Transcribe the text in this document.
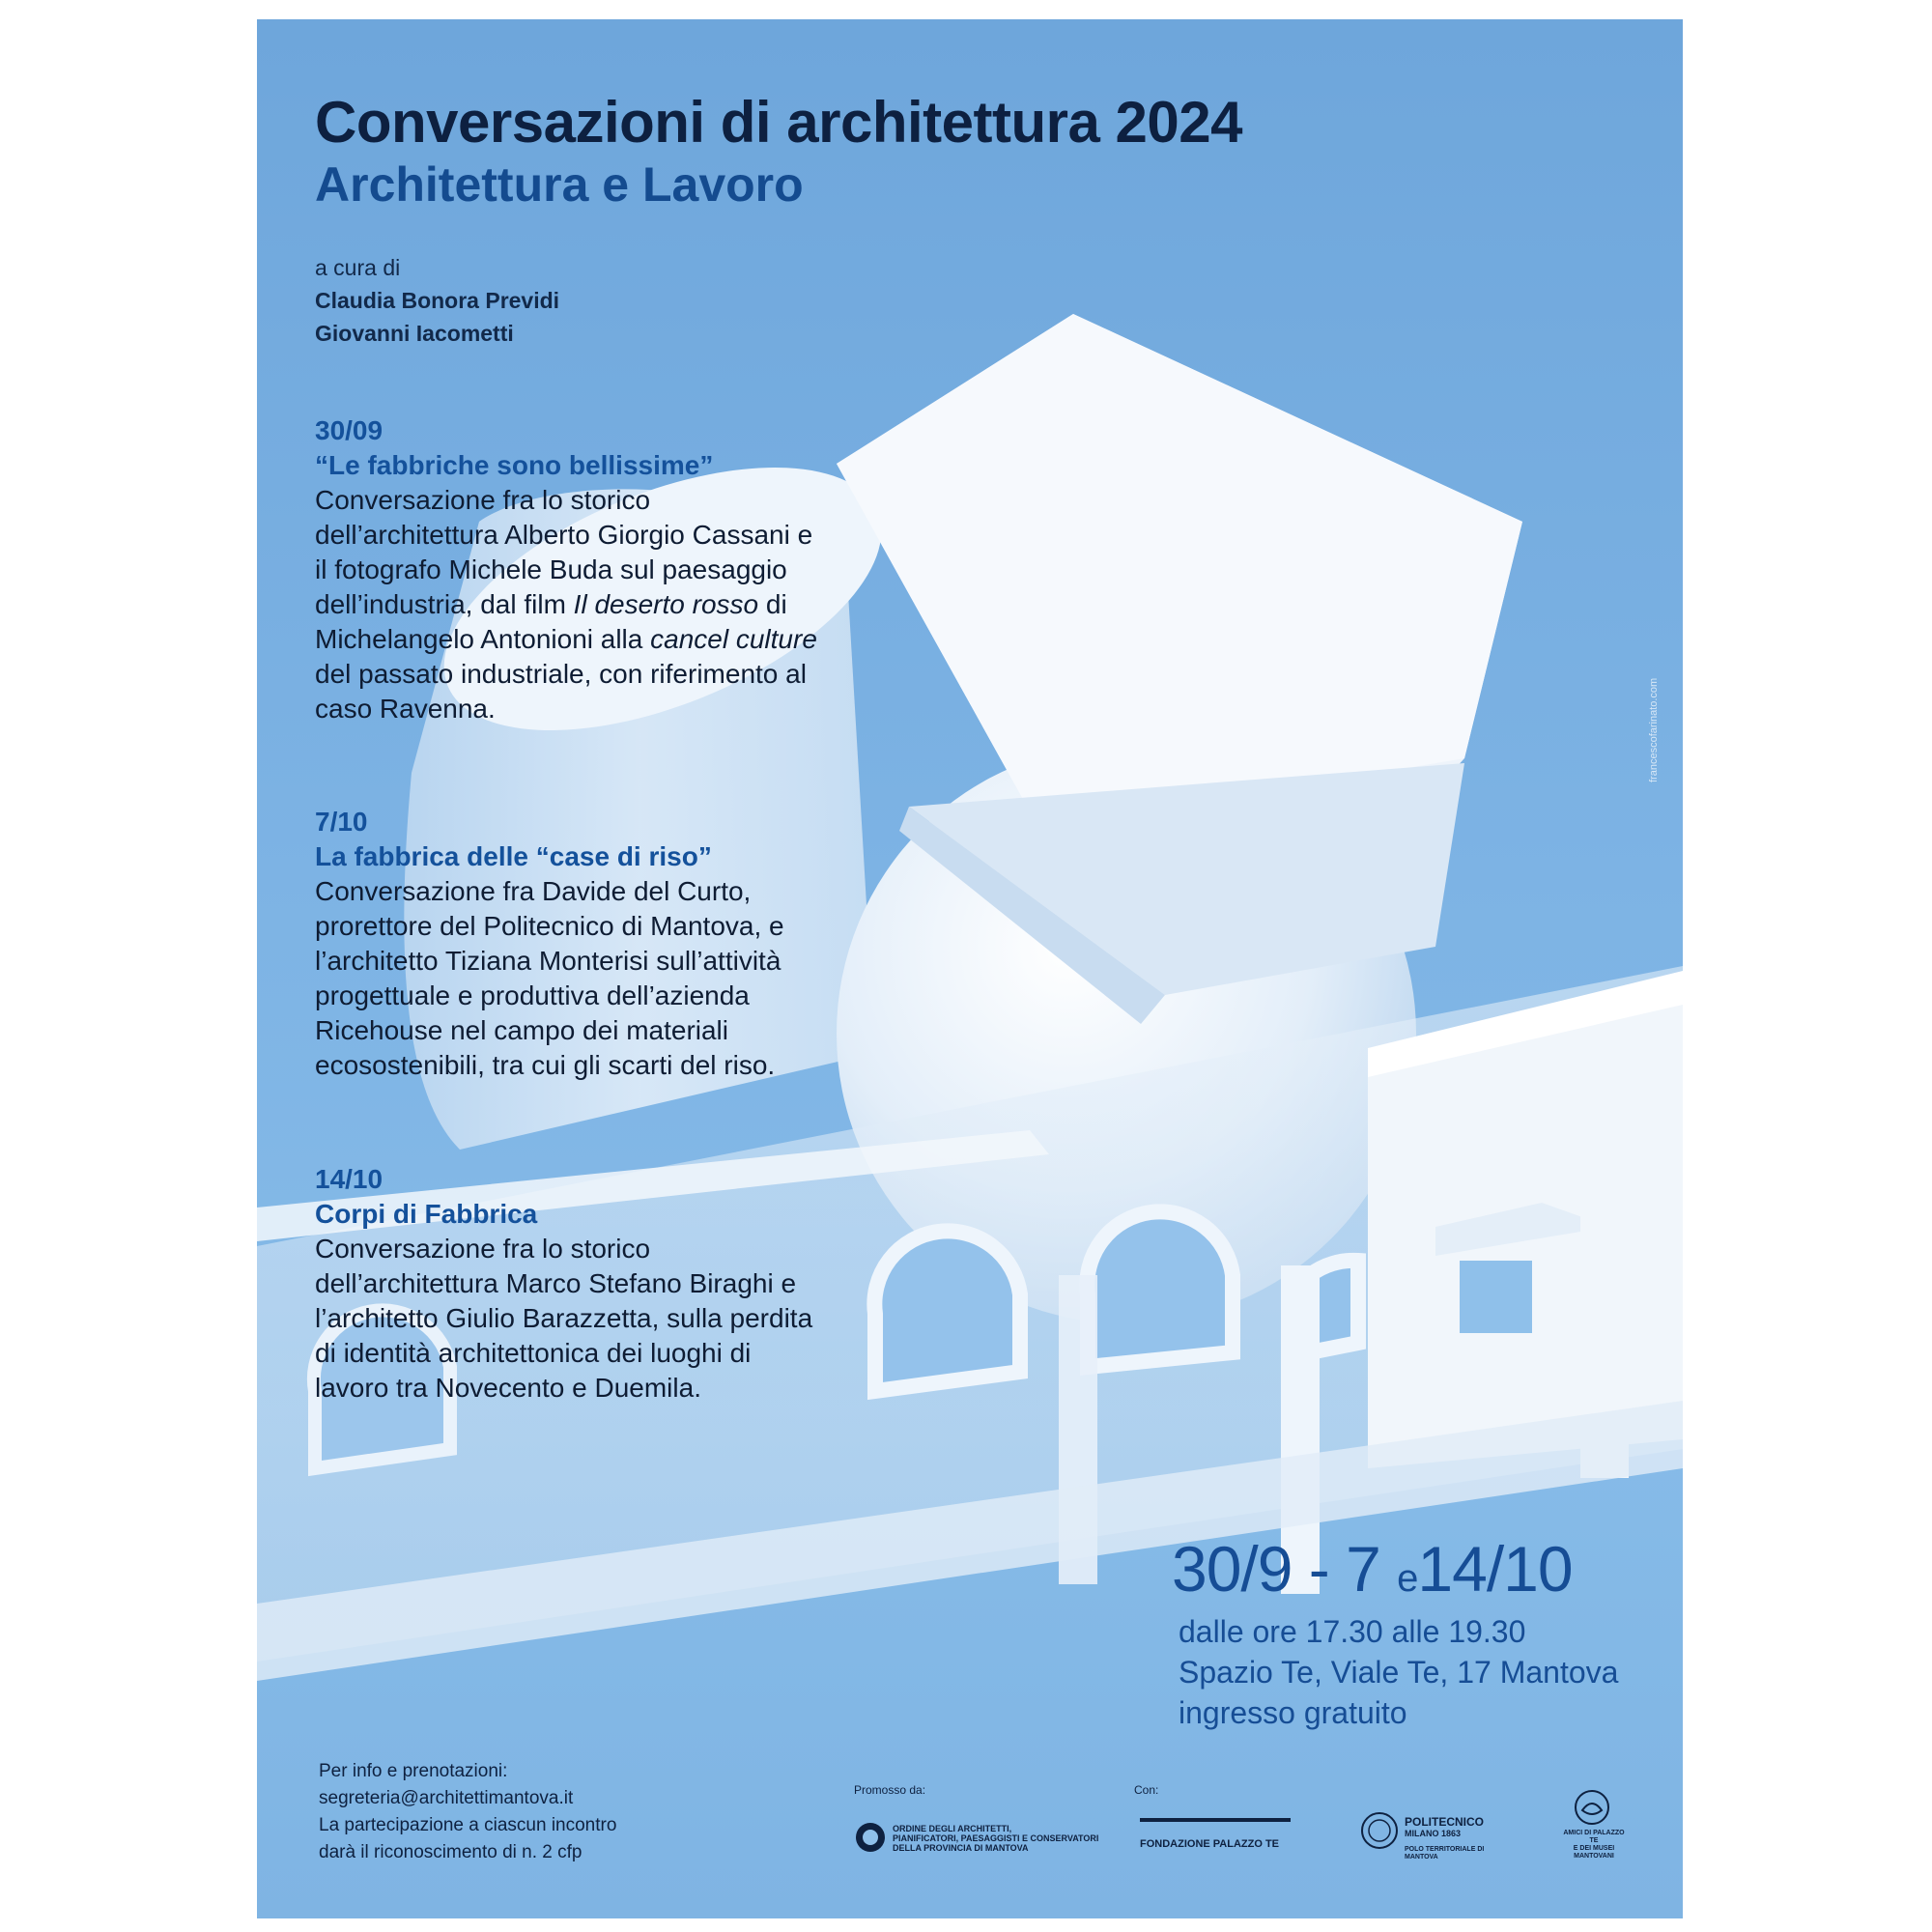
francescofarinato.com
Conversazioni di architettura 2024
Architettura e Lavoro
a cura di
Claudia Bonora Previdi
Giovanni Iacometti
30/09
“Le fabbriche sono bellissime”
Conversazione fra lo storico dell’architettura Alberto Giorgio Cassani e il fotografo Michele Buda sul paesaggio dell’industria, dal film Il deserto rosso di Michelangelo Antonioni alla cancel culture del passato industriale, con riferimento al caso Ravenna.
7/10
La fabbrica delle “case di riso”
Conversazione fra Davide del Curto, prorettore del Politecnico di Mantova, e l’architetto Tiziana Monterisi sull’attività progettuale e produttiva dell’azienda Ricehouse nel campo dei materiali ecosostenibili, tra cui gli scarti del riso.
14/10
Corpi di Fabbrica
Conversazione fra lo storico dell’architettura Marco Stefano Biraghi e l’architetto Giulio Barazzetta, sulla perdita di identità architettonica dei luoghi di lavoro tra Novecento e Duemila.
30/9 - 7 e14/10
dalle ore 17.30 alle 19.30
Spazio Te, Viale Te, 17 Mantova
ingresso gratuito
Per info e prenotazioni:
segreteria@architettimantova.it
La partecipazione a ciascun incontro
darà il riconoscimento di n. 2 cfp
Promosso da:	Con:
ORDINE DEGLI ARCHITETTI,
PIANIFICATORI, PAESAGGISTI E CONSERVATORI
DELLA PROVINCIA DI MANTOVA	FONDAZIONE PALAZZO TE
POLITECNICO
MILANO 1863
POLO TERRITORIALE DI
MANTOVA
AMICI DI PALAZZO TE
E DEI MUSEI MANTOVANI
